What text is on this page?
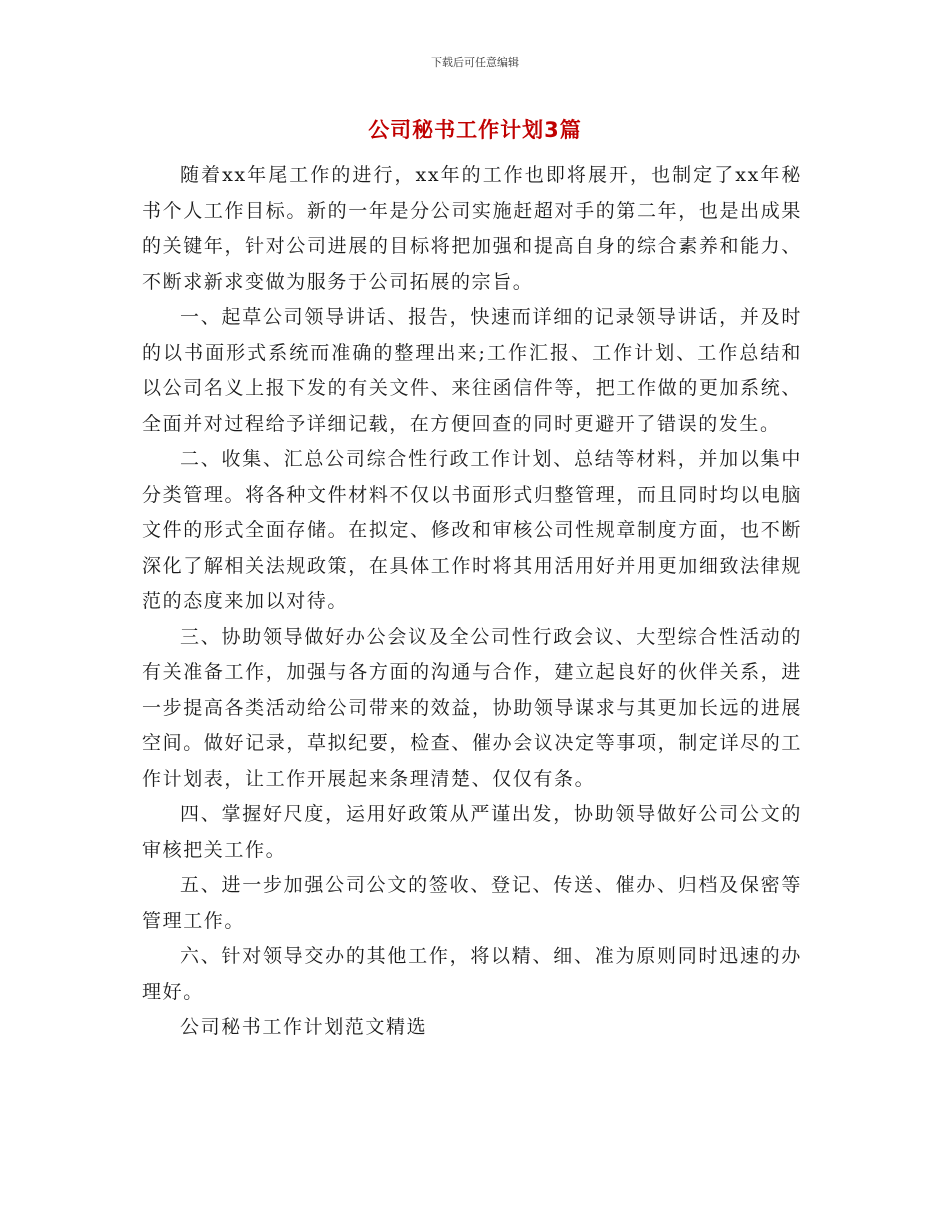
下载后可任意编辑
公司秘书工作计划3篇

随着xx年尾工作的进行，xx年的工作也即将展开，也制定了xx年秘书个人工作目标。新的一年是分公司实施赶超对手的第二年，也是出成果的关键年，针对公司进展的目标将把加强和提高自身的综合素养和能力、不断求新求变做为服务于公司拓展的宗旨。

一、起草公司领导讲话、报告，快速而详细的记录领导讲话，并及时的以书面形式系统而准确的整理出来;工作汇报、工作计划、工作总结和以公司名义上报下发的有关文件、来往函信件等，把工作做的更加系统、全面并对过程给予详细记载，在方便回查的同时更避开了错误的发生。

二、收集、汇总公司综合性行政工作计划、总结等材料，并加以集中分类管理。将各种文件材料不仅以书面形式归整管理，而且同时均以电脑文件的形式全面存储。在拟定、修改和审核公司性规章制度方面，也不断深化了解相关法规政策，在具体工作时将其用活用好并用更加细致法律规范的态度来加以对待。

三、协助领导做好办公会议及全公司性行政会议、大型综合性活动的有关准备工作，加强与各方面的沟通与合作，建立起良好的伙伴关系，进一步提高各类活动给公司带来的效益，协助领导谋求与其更加长远的进展空间。做好记录，草拟纪要，检查、催办会议决定等事项，制定详尽的工作计划表，让工作开展起来条理清楚、仅仅有条。

四、掌握好尺度，运用好政策从严谨出发，协助领导做好公司公文的审核把关工作。

五、进一步加强公司公文的签收、登记、传送、催办、归档及保密等管理工作。

六、针对领导交办的其他工作，将以精、细、准为原则同时迅速的办理好。

公司秘书工作计划范文精选
